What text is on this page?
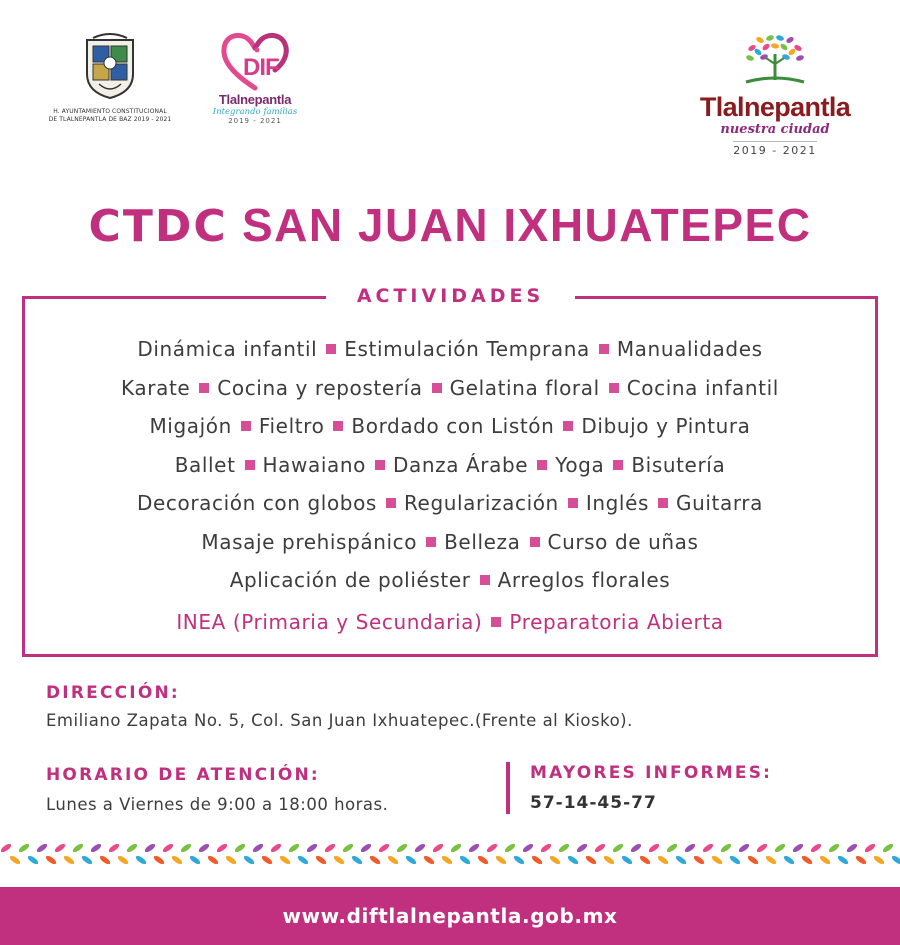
H. AYUNTAMIENTO CONSTITUCIONAL
DE TLALNEPANTLA DE BAZ 2019 - 2021
DIF
Tlalnepantla
Integrando familias
2019 - 2021	Tlalnepantla
nuestra ciudad
2019 - 2021
CTDC SAN JUAN IXHUATEPEC
ACTIVIDADES
Dinámica infantil Estimulación Temprana Manualidades
Karate Cocina y repostería Gelatina floral Cocina infantil
Migajón Fieltro Bordado con Listón Dibujo y Pintura
Ballet Hawaiano Danza Árabe Yoga Bisutería
Decoración con globos Regularización Inglés Guitarra
Masaje prehispánico Belleza Curso de uñas
Aplicación de poliéster Arreglos florales
INEA (Primaria y Secundaria) Preparatoria Abierta
DIRECCIÓN:
Emiliano Zapata No. 5, Col. San Juan Ixhuatepec.(Frente al Kiosko).
HORARIO DE ATENCIÓN:
Lunes a Viernes de 9:00 a 18:00 horas.
MAYORES INFORMES:
57-14-45-77
www.diftlalnepantla.gob.mx
